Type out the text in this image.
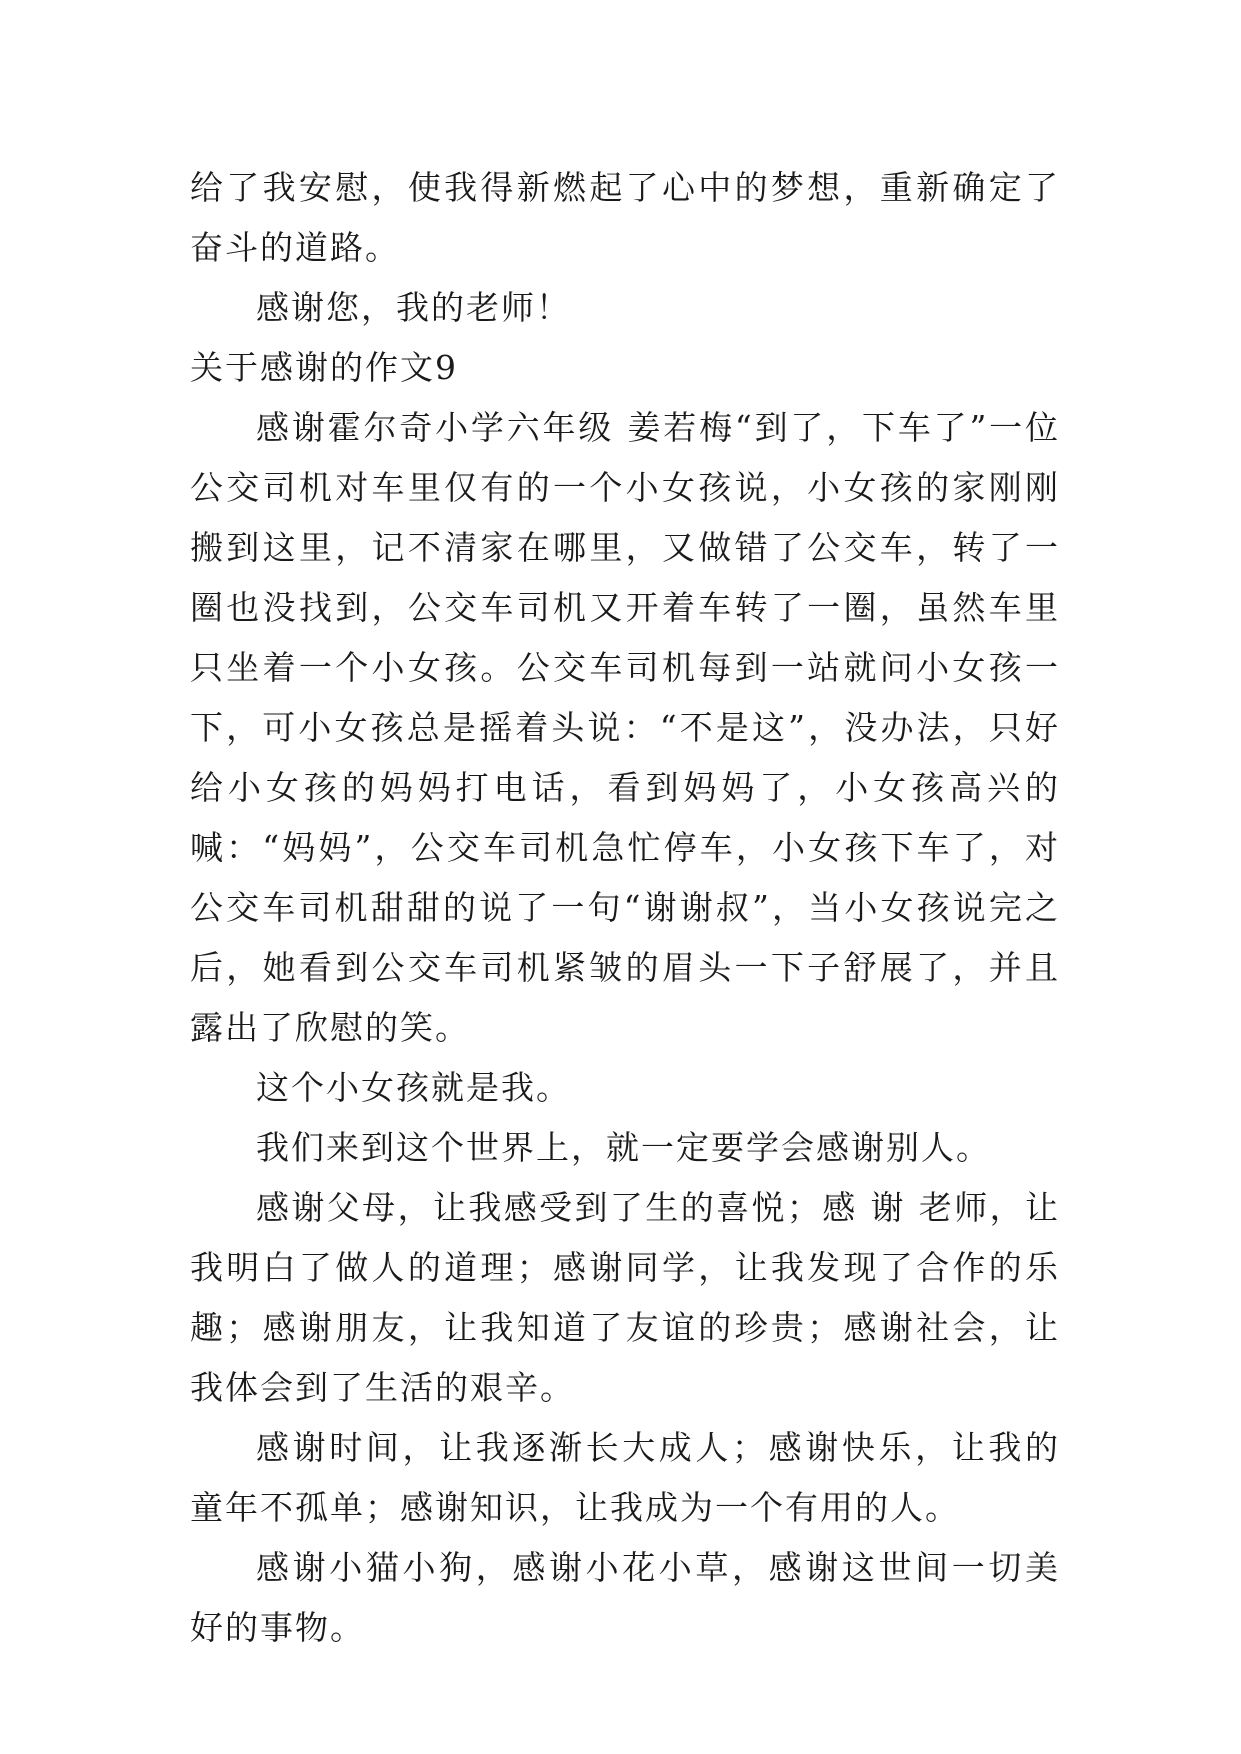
给了我安慰，使我得新燃起了心中的梦想，重新确定了奋斗的道路。

感谢您，我的老师！

关于感谢的作文9

感谢霍尔奇小学六年级 姜若梅“到了，下车了”一位公交司机对车里仅有的一个小女孩说，小女孩的家刚刚搬到这里，记不清家在哪里，又做错了公交车，转了一圈也没找到，公交车司机又开着车转了一圈，虽然车里只坐着一个小女孩。公交车司机每到一站就问小女孩一下，可小女孩总是摇着头说：“不是这”，没办法，只好给小女孩的妈妈打电话，看到妈妈了，小女孩高兴的喊：“妈妈”，公交车司机急忙停车，小女孩下车了，对公交车司机甜甜的说了一句“谢谢叔”，当小女孩说完之后，她看到公交车司机紧皱的眉头一下子舒展了，并且露出了欣慰的笑。

这个小女孩就是我。

我们来到这个世界上，就一定要学会感谢别人。

感谢父母，让我感受到了生的喜悦；感 谢 老师，让我明白了做人的道理；感谢同学，让我发现了合作的乐趣；感谢朋友，让我知道了友谊的珍贵；感谢社会，让我体会到了生活的艰辛。

感谢时间，让我逐渐长大成人；感谢快乐，让我的童年不孤单；感谢知识，让我成为一个有用的人。

感谢小猫小狗，感谢小花小草，感谢这世间一切美好的事物。
